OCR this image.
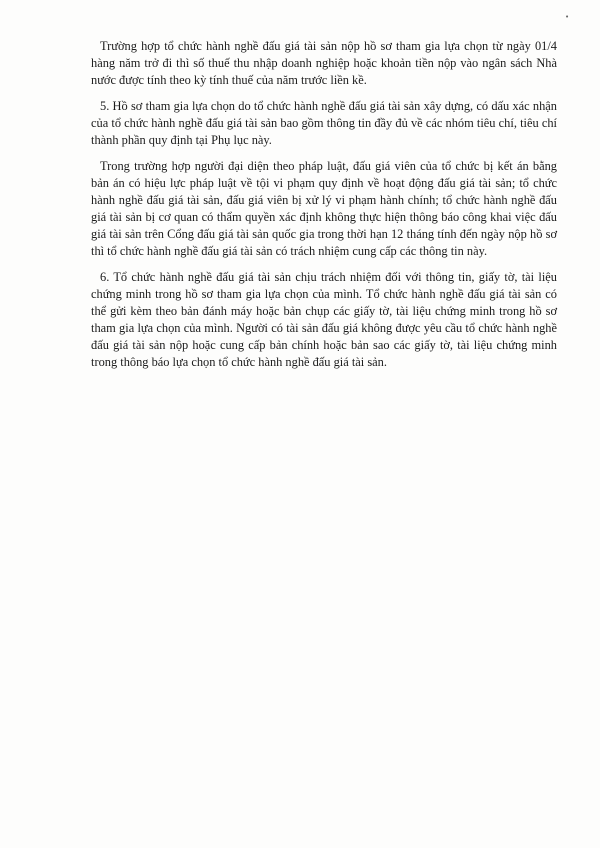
•

Trường hợp tổ chức hành nghề đấu giá tài sản nộp hồ sơ tham gia lựa chọn từ ngày 01/4 hàng năm trở đi thì số thuế thu nhập doanh nghiệp hoặc khoản tiền nộp vào ngân sách Nhà nước được tính theo kỳ tính thuế của năm trước liền kề.

5. Hồ sơ tham gia lựa chọn do tổ chức hành nghề đấu giá tài sản xây dựng, có dấu xác nhận của tổ chức hành nghề đấu giá tài sản bao gồm thông tin đầy đủ về các nhóm tiêu chí, tiêu chí thành phần quy định tại Phụ lục này.

Trong trường hợp người đại diện theo pháp luật, đấu giá viên của tổ chức bị kết án bằng bản án có hiệu lực pháp luật về tội vi phạm quy định về hoạt động đấu giá tài sản; tổ chức hành nghề đấu giá tài sản, đấu giá viên bị xử lý vi phạm hành chính; tổ chức hành nghề đấu giá tài sản bị cơ quan có thẩm quyền xác định không thực hiện thông báo công khai việc đấu giá tài sản trên Cổng đấu giá tài sản quốc gia trong thời hạn 12 tháng tính đến ngày nộp hồ sơ thì tổ chức hành nghề đấu giá tài sản có trách nhiệm cung cấp các thông tin này.

6. Tổ chức hành nghề đấu giá tài sản chịu trách nhiệm đối với thông tin, giấy tờ, tài liệu chứng minh trong hồ sơ tham gia lựa chọn của mình. Tổ chức hành nghề đấu giá tài sản có thể gửi kèm theo bản đánh máy hoặc bản chụp các giấy tờ, tài liệu chứng minh trong hồ sơ tham gia lựa chọn của mình. Người có tài sản đấu giá không được yêu cầu tổ chức hành nghề đấu giá tài sản nộp hoặc cung cấp bản chính hoặc bản sao các giấy tờ, tài liệu chứng minh trong thông báo lựa chọn tổ chức hành nghề đấu giá tài sản.
